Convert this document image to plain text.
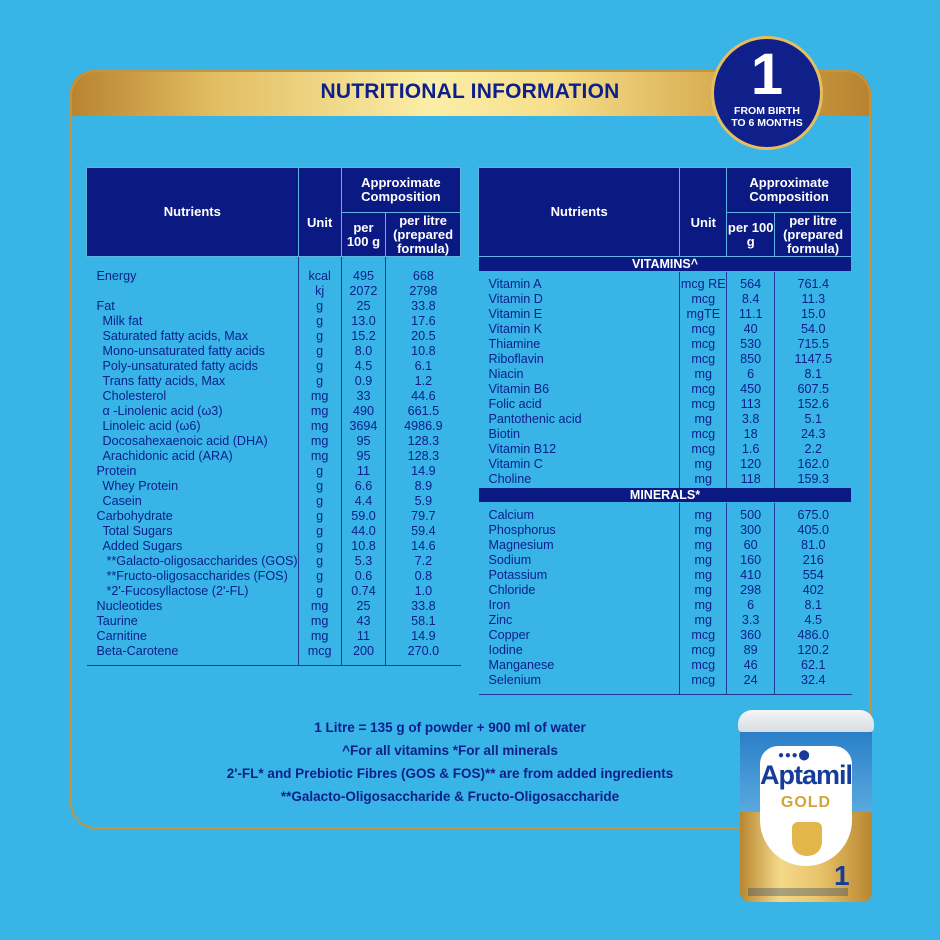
NUTRITIONAL INFORMATION	1
FROM BIRTH
TO 6 MONTHS
Nutrients	Unit	Approximate Composition	
		per 100 g	per litre (prepared formula)
Energy	kcal	495	668
	kj	2072	2798
Fat	g	25	33.8
Milk fat	g	13.0	17.6
Saturated fatty acids, Max	g	15.2	20.5
Mono-unsaturated fatty acids	g	8.0	10.8
Poly-unsaturated fatty acids	g	4.5	6.1
Trans fatty acids, Max	g	0.9	1.2
Cholesterol	mg	33	44.6
α -Linolenic acid (ω3)	mg	490	661.5
Linoleic acid (ω6)	mg	3694	4986.9
Docosahexaenoic acid (DHA)	mg	95	128.3
Arachidonic acid (ARA)	mg	95	128.3
Protein	g	11	14.9
Whey Protein	g	6.6	8.9
Casein	g	4.4	5.9
Carbohydrate	g	59.0	79.7
Total Sugars	g	44.0	59.4
Added Sugars	g	10.8	14.6
**Galacto-oligosaccharides (GOS)	g	5.3	7.2
**Fructo-oligosaccharides (FOS)	g	0.6	0.8
*2'-Fucosyllactose (2'-FL)	g	0.74	1.0
Nucleotides	mg	25	33.8
Taurine	mg	43	58.1
Carnitine	mg	11	14.9
Beta-Carotene	mcg	200	270.0
Nutrients	Unit	Approximate Composition	
		per 100 g	per litre (prepared formula)
VITAMINS^			
Vitamin A	mcg RE	564	761.4
Vitamin D	mcg	8.4	11.3
Vitamin E	mgTE	11.1	15.0
Vitamin K	mcg	40	54.0
Thiamine	mcg	530	715.5
Riboflavin	mcg	850	1147.5
Niacin	mg	6	8.1
Vitamin B6	mcg	450	607.5
Folic acid	mcg	113	152.6
Pantothenic acid	mg	3.8	5.1
Biotin	mcg	18	24.3
Vitamin B12	mcg	1.6	2.2
Vitamin C	mg	120	162.0
Choline	mg	118	159.3
MINERALS*			
Calcium	mg	500	675.0
Phosphorus	mg	300	405.0
Magnesium	mg	60	81.0
Sodium	mg	160	216
Potassium	mg	410	554
Chloride	mg	298	402
Iron	mg	6	8.1
Zinc	mg	3.3	4.5
Copper	mcg	360	486.0
Iodine	mcg	89	120.2
Manganese	mcg	46	62.1
Selenium	mcg	24	32.4
1 Litre = 135 g of powder + 900 ml of water
^For all vitamins *For all minerals
2'-FL* and Prebiotic Fibres (GOS & FOS)** are from added ingredients
**Galacto-Oligosaccharide & Fructo-Oligosaccharide
● ● ● ⬤
Aptamil
GOLD
1
